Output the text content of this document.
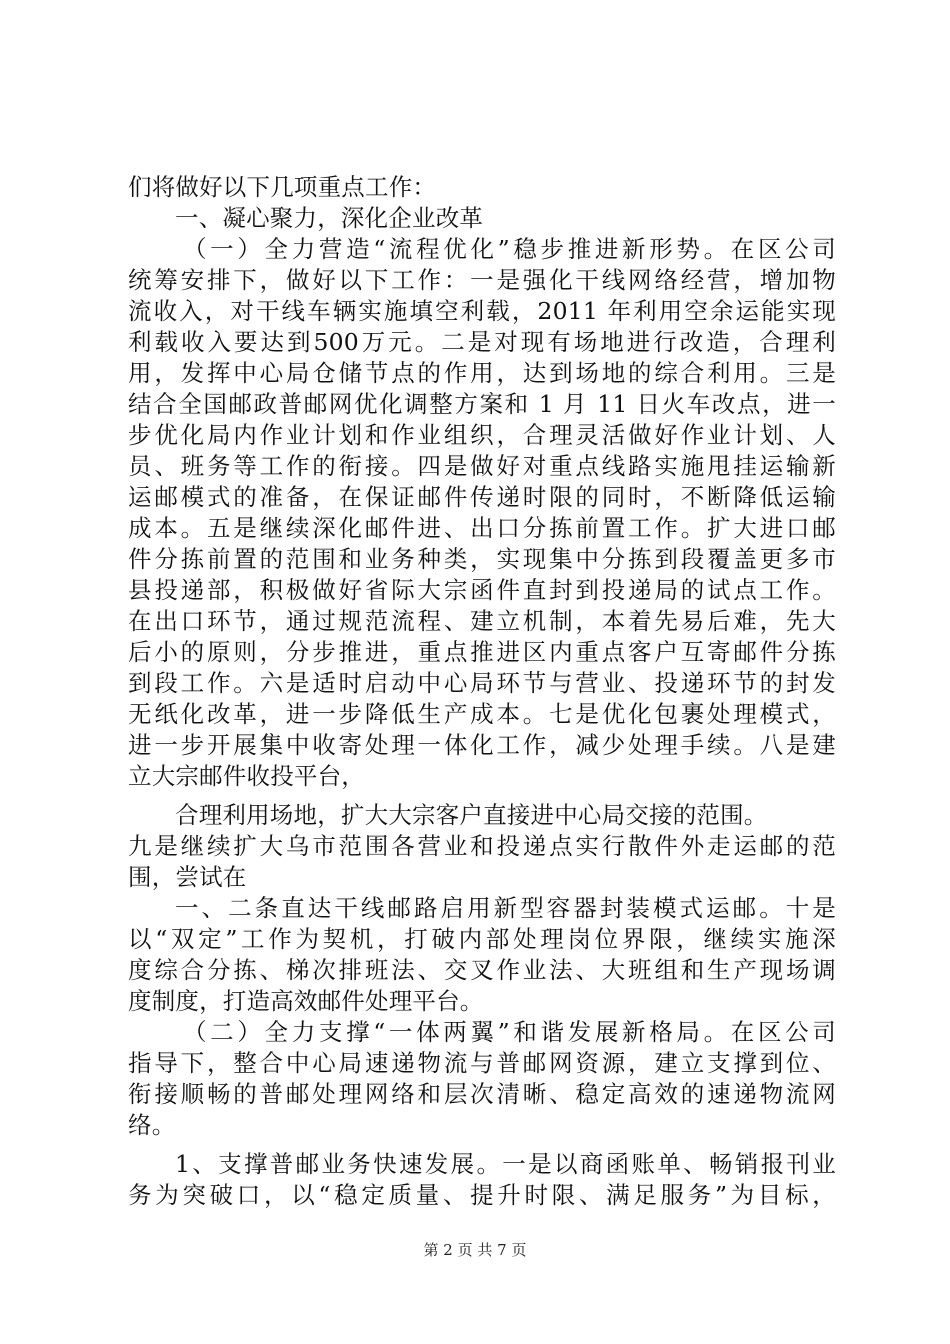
们将做好以下几项重点工作：
一、凝心聚力，深化企业改革
（一）全力营造“流程优化”稳步推进新形势。在区公司
统筹安排下，做好以下工作：一是强化干线网络经营，增加物
流收入，对干线车辆实施填空利载，2011 年利用空余运能实现
利载收入要达到500万元。二是对现有场地进行改造，合理利
用，发挥中心局仓储节点的作用，达到场地的综合利用。三是
结合全国邮政普邮网优化调整方案和 1 月 11 日火车改点，进一
步优化局内作业计划和作业组织，合理灵活做好作业计划、人
员、班务等工作的衔接。四是做好对重点线路实施甩挂运输新
运邮模式的准备，在保证邮件传递时限的同时，不断降低运输
成本。五是继续深化邮件进、出口分拣前置工作。扩大进口邮
件分拣前置的范围和业务种类，实现集中分拣到段覆盖更多市
县投递部，积极做好省际大宗函件直封到投递局的试点工作。
在出口环节，通过规范流程、建立机制，本着先易后难，先大
后小的原则，分步推进，重点推进区内重点客户互寄邮件分拣
到段工作。六是适时启动中心局环节与营业、投递环节的封发
无纸化改革，进一步降低生产成本。七是优化包裹处理模式，
进一步开展集中收寄处理一体化工作，减少处理手续。八是建
立大宗邮件收投平台，
合理利用场地，扩大大宗客户直接进中心局交接的范围。
九是继续扩大乌市范围各营业和投递点实行散件外走运邮的范
围，尝试在
一、二条直达干线邮路启用新型容器封装模式运邮。十是
以“双定”工作为契机，打破内部处理岗位界限，继续实施深
度综合分拣、梯次排班法、交叉作业法、大班组和生产现场调
度制度，打造高效邮件处理平台。
（二）全力支撑“一体两翼”和谐发展新格局。在区公司
指导下，整合中心局速递物流与普邮网资源，建立支撑到位、
衔接顺畅的普邮处理网络和层次清晰、稳定高效的速递物流网
络。
1、支撑普邮业务快速发展。一是以商函账单、畅销报刊业
务为突破口，以“稳定质量、提升时限、满足服务”为目标，
第 2 页 共 7 页
